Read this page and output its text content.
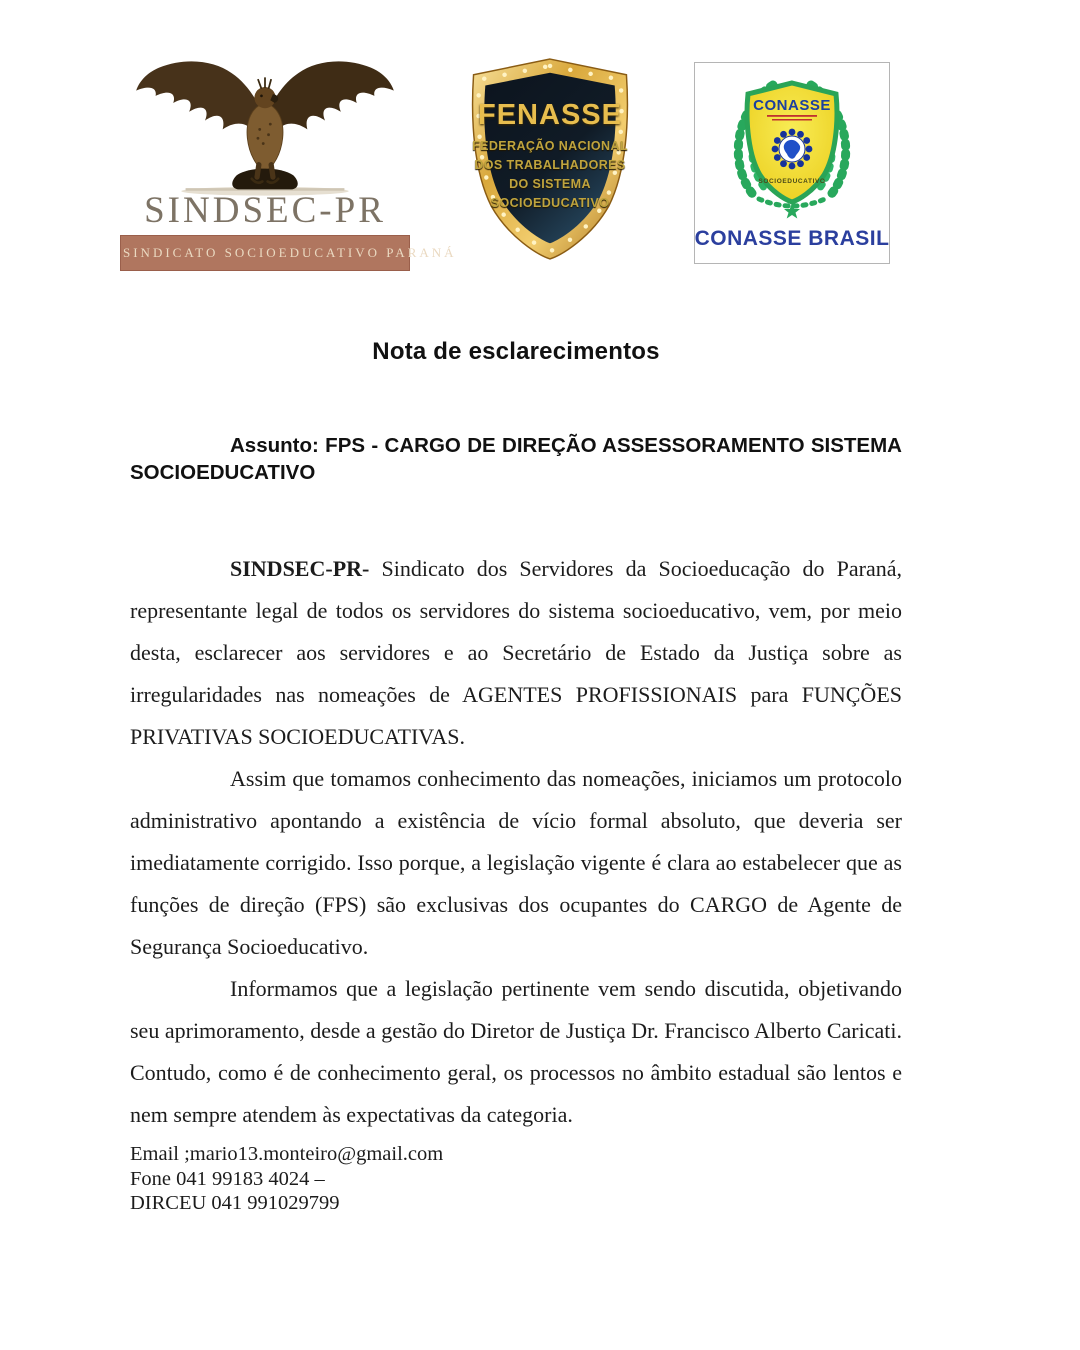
SINDSEC-PR
SINDICATO SOCIOEDUCATIVO PARANÁ
FENASSE
FEDERAÇÃO NACIONAL
DOS TRABALHADORES
DO SISTEMA
SOCIOEDUCATIVO
CONASSE
SOCIOEDUCATIVO
CONASSE BRASIL
Nota de esclarecimentos

Assunto: FPS - CARGO DE DIREÇÃO ASSESSORAMENTO SISTEMA SOCIOEDUCATIVO

SINDSEC-PR- Sindicato dos Servidores da Socioeducação do Paraná, representante legal de todos os servidores do sistema socioeducativo, vem, por meio desta, esclarecer aos servidores e ao Secretário de Estado da Justiça sobre as irregularidades nas nomeações de AGENTES PROFISSIONAIS para FUNÇÕES PRIVATIVAS SOCIOEDUCATIVAS.

Assim que tomamos conhecimento das nomeações, iniciamos um protocolo administrativo apontando a existência de vício formal absoluto, que deveria ser imediatamente corrigido. Isso porque, a legislação vigente é clara ao estabelecer que as funções de direção (FPS) são exclusivas dos ocupantes do CARGO de Agente de Segurança Socioeducativo.

Informamos que a legislação pertinente vem sendo discutida, objetivando seu aprimoramento, desde a gestão do Diretor de Justiça Dr. Francisco Alberto Caricati. Contudo, como é de conhecimento geral, os processos no âmbito estadual são lentos e nem sempre atendem às expectativas da categoria.

Email ;mario13.monteiro@gmail.com
Fone 041 99183 4024 –
DIRCEU 041 991029799
